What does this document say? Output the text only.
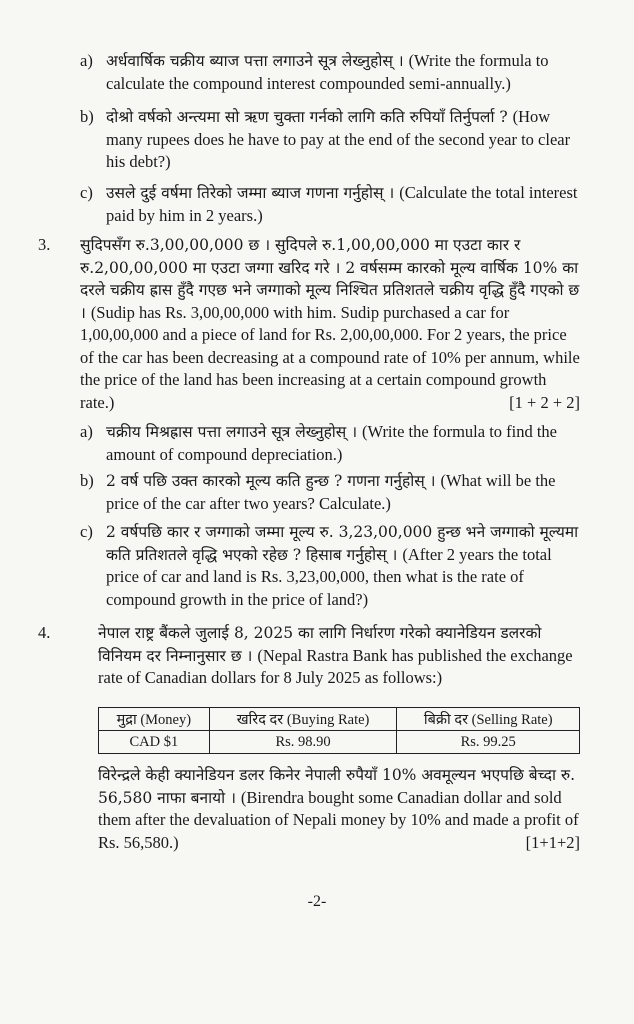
a) अर्धवार्षिक चक्रीय ब्याज पत्ता लगाउने सूत्र लेख्नुहोस् । (Write the formula to calculate the compound interest compounded semi-annually.)
b) दोश्रो वर्षको अन्त्यमा सो ऋण चुक्ता गर्नको लागि कति रुपियाँ तिर्नुपर्ला ? (How many rupees does he have to pay at the end of the second year to clear his debt?)
c) उसले दुई वर्षमा तिरेको जम्मा ब्याज गणना गर्नुहोस् । (Calculate the total interest paid by him in 2 years.)
3. सुदिपसँग रु.3,00,00,000 छ । सुदिपले रु.1,00,00,000 मा एउटा कार र रु.2,00,00,000 मा एउटा जग्गा खरिद गरे । 2 वर्षसम्म कारको मूल्य वार्षिक 10% का दरले चक्रीय ह्रास हुँदै गएछ भने जग्गाको मूल्य निश्चित प्रतिशतले चक्रीय वृद्धि हुँदै गएको छ । (Sudip has Rs. 3,00,00,000 with him. Sudip purchased a car for 1,00,00,000 and a piece of land for Rs. 2,00,00,000. For 2 years, the price of the car has been decreasing at a compound rate of 10% per annum, while the price of the land has been increasing at a certain compound growth rate.)	[1 + 2 + 2]
a) चक्रीय मिश्रह्रास पत्ता लगाउने सूत्र लेख्नुहोस् । (Write the formula to find the amount of compound depreciation.)
b) 2 वर्ष पछि उक्त कारको मूल्य कति हुन्छ ? गणना गर्नुहोस् । (What will be the price of the car after two years? Calculate.)
c) 2 वर्षपछि कार र जग्गाको जम्मा मूल्य रु. 3,23,00,000 हुन्छ भने जग्गाको मूल्यमा कति प्रतिशतले वृद्धि भएको रहेछ ? हिसाब गर्नुहोस् । (After 2 years the total price of car and land is Rs. 3,23,00,000, then what is the rate of compound growth in the price of land?)
4.	नेपाल राष्ट्र बैंकले जुलाई 8, 2025 का लागि निर्धारण गरेको क्यानेडियन डलरको विनियम दर निम्नानुसार छ । (Nepal Rastra Bank has published the exchange rate of Canadian dollars for 8 July 2025 as follows:)
मुद्रा (Money)	खरिद दर (Buying Rate)	बिक्री दर (Selling Rate)
CAD $1	Rs. 98.90	Rs. 99.25
विरेन्द्रले केही क्यानेडियन डलर किनेर नेपाली रुपैयाँ 10% अवमूल्यन भएपछि बेच्दा रु. 56,580 नाफा बनायो । (Birendra bought some Canadian dollar and sold them after the devaluation of Nepali money by 10% and made a profit of Rs. 56,580.)	[1+1+2]
-2-
